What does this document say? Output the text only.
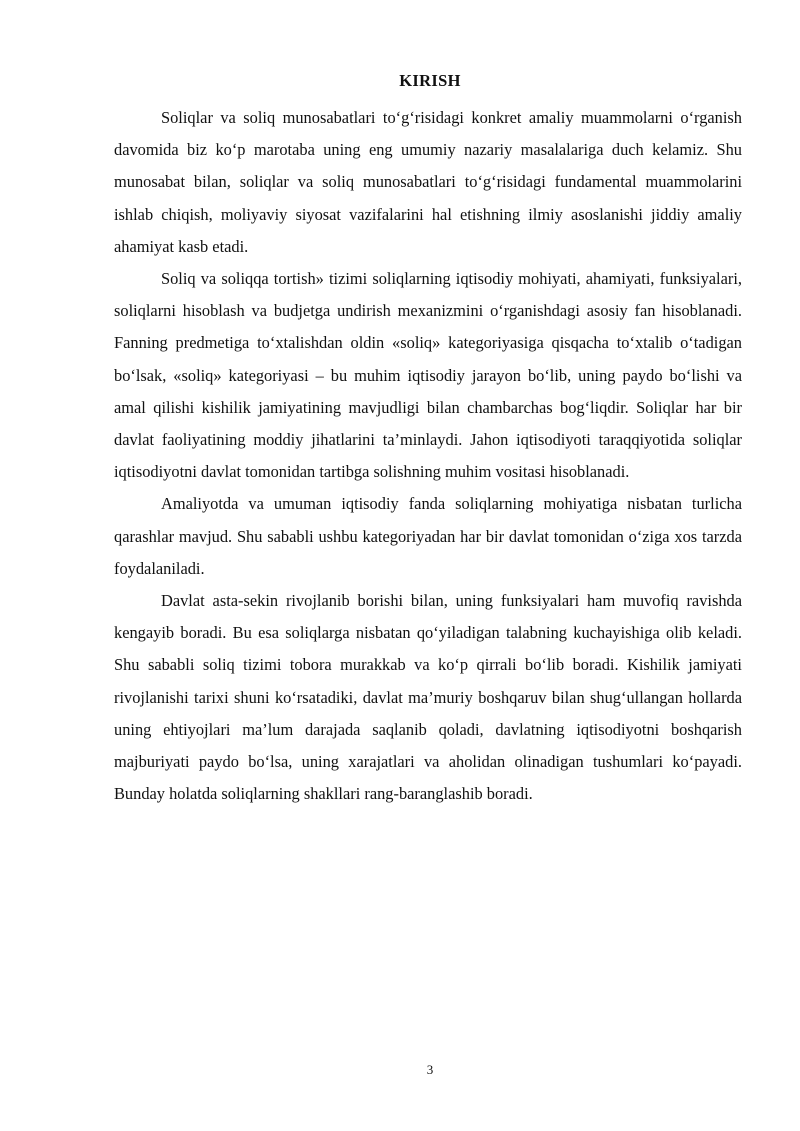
KIRISH

Soliqlar va soliq munosabatlari to‘g‘risidagi konkret amaliy muammolarni o‘rganish davomida biz ko‘p marotaba uning eng umumiy nazariy masalalariga duch kelamiz. Shu munosabat bilan, soliqlar va soliq munosabatlari to‘g‘risidagi fundamental muammolarini ishlab chiqish, moliyaviy siyosat vazifalarini hal etishning ilmiy asoslanishi jiddiy amaliy ahamiyat kasb etadi.

Soliq va soliqqa tortish» tizimi soliqlarning iqtisodiy mohiyati, ahamiyati, funksiyalari, soliqlarni hisoblash va budjetga undirish mexanizmini o‘rganishdagi asosiy fan hisoblanadi. Fanning predmetiga to‘xtalishdan oldin «soliq» kategoriyasiga qisqacha to‘xtalib o‘tadigan bo‘lsak, «soliq» kategoriyasi – bu muhim iqtisodiy jarayon bo‘lib, uning paydo bo‘lishi va amal qilishi kishilik jamiyatining mavjudligi bilan chambarchas bog‘liqdir. Soliqlar har bir davlat faoliyatining moddiy jihatlarini ta’minlaydi. Jahon iqtisodiyoti taraqqiyotida soliqlar iqtisodiyotni davlat tomonidan tartibga solishning muhim vositasi hisoblanadi.

Amaliyotda va umuman iqtisodiy fanda soliqlarning mohiyatiga nisbatan turlicha qarashlar mavjud. Shu sababli ushbu kategoriyadan har bir davlat tomonidan o‘ziga xos tarzda foydalaniladi.

Davlat asta-sekin rivojlanib borishi bilan, uning funksiyalari ham muvofiq ravishda kengayib boradi. Bu esa soliqlarga nisbatan qo‘yiladigan talabning kuchayishiga olib keladi. Shu sababli soliq tizimi tobora murakkab va ko‘p qirrali bo‘lib boradi. Kishilik jamiyati rivojlanishi tarixi shuni ko‘rsatadiki, davlat ma’muriy boshqaruv bilan shug‘ullangan hollarda uning ehtiyojlari ma’lum darajada saqlanib qoladi, davlatning iqtisodiyotni boshqarish majburiyati paydo bo‘lsa, uning xarajatlari va aholidan olinadigan tushumlari ko‘payadi. Bunday holatda soliqlarning shakllari rang-baranglashib boradi.

3
